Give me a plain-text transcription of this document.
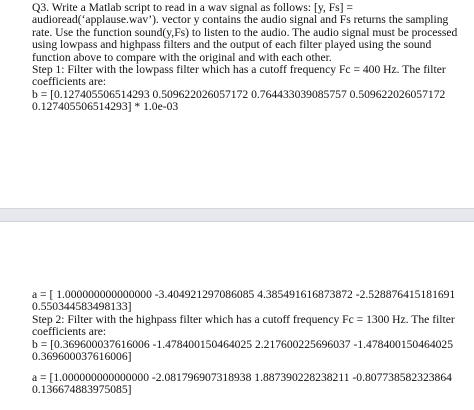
Q3. Write a Matlab script to read in a wav signal as follows: [y, Fs] = audioread(‘applause.wav’). vector y contains the audio signal and Fs returns the sampling rate. Use the function sound(y,Fs) to listen to the audio. The audio signal must be processed using lowpass and highpass filters and the output of each filter played using the sound function above to compare with the original and with each other.

Step 1: Filter with the lowpass filter which has a cutoff frequency Fc = 400 Hz. The filter coefficients are:

b = [0.127405506514293 0.509622026057172 0.764433039085757 0.509622026057172 0.127405506514293] * 1.0e-03

a = [ 1.000000000000000 -3.404921297086085 4.385491616873872 -2.528876415181691 0.550344583498133]

Step 2: Filter with the highpass filter which has a cutoff frequency Fc = 1300 Hz. The filter coefficients are:

b = [0.369600037616006 -1.478400150464025 2.217600225696037 -1.478400150464025 0.369600037616006]

a = [1.000000000000000 -2.081796907318938 1.887390228238211 -0.807738582323864 0.136674883975085]
